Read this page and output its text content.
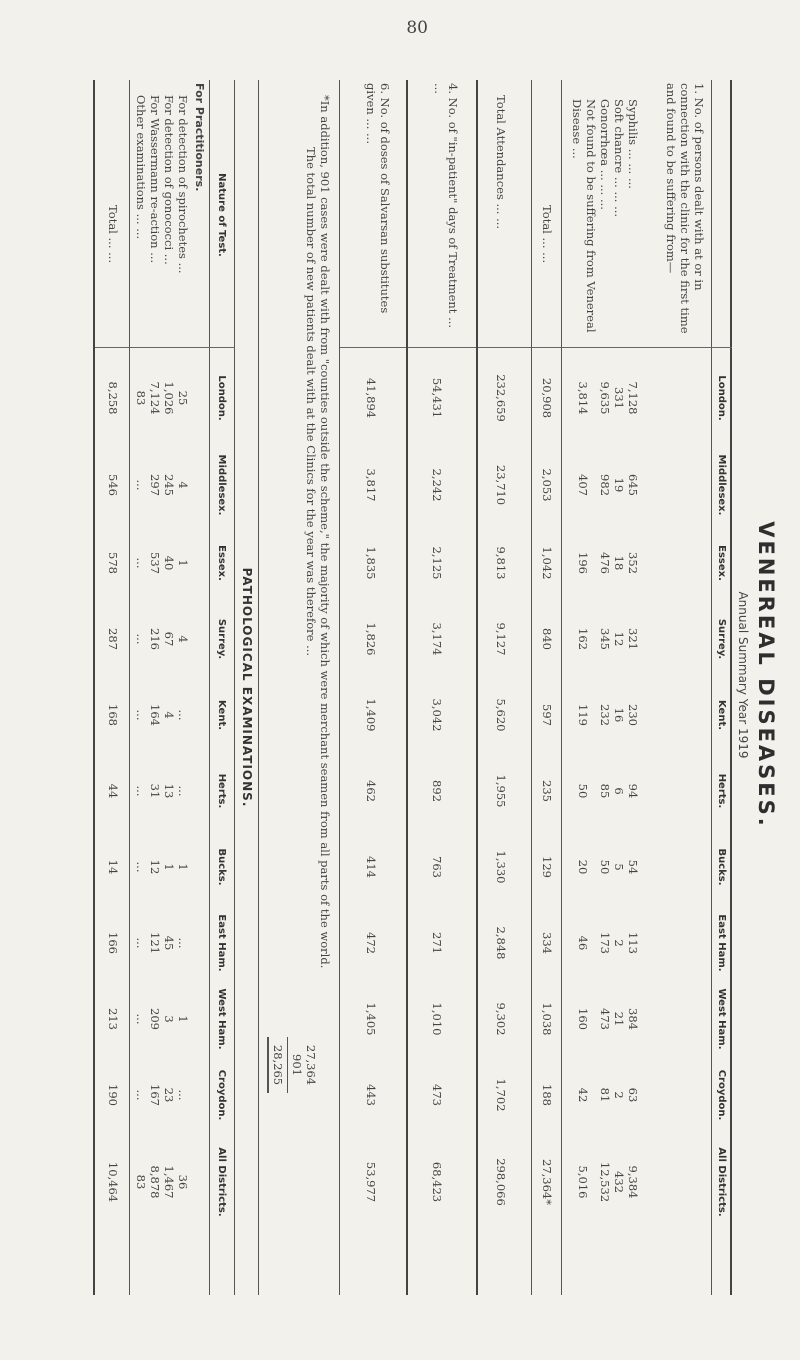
80
VENEREAL DISEASES.
Annual Summary Year 1919
London.
Middlesex.
Essex.
Surrey.
Kent.
Herts.
Bucks.
East Ham.
West Ham.
Croydon.
All Districts.
1. No. of persons dealt with at or in connection with the clinic for the first time and found to be suffering from—
Syphilis ... ... ...
7,128
645
352
321
230
94
54
113
384
63
9,384
Soft chancre ... ... ...
331
19
18
12
16
6
5
2
21
2
432
Gonorrhœa ... ... ...
9,635
982
476
345
232
85
50
173
473
81
12,532
Not found to be suffering from Venereal Disease ...
3,814
407
196
162
119
50
20
46
160
42
5,016
Total ... ...
20,908
2,053
1,042
840
597
235
129
334
1,038
188
27,364*
Total Attendances ... ...
232,659
23,710
9,813
9,127
5,620
1,955
1,330
2,848
9,302
1,702
298,066
4. No. of "in-patient" days of Treatment ... ...
54,431
2,242
2,125
3,174
3,042
892
763
271
1,010
473
68,423
6. No. of doses of Salvarsan substitutes given ... ...
41,894
3,817
1,835
1,826
1,409
462
414
472
1,405
443
53,977
*In addition, 901 cases were dealt with from "counties outside the scheme," the majority of which were merchant seamen from all parts of the world.
The total number of new patients dealt with at the Clinics for the year was therefore ...
27,364
901
28,265
PATHOLOGICAL EXAMINATIONS.
Nature of Test.
London.
Middlesex.
Essex.
Surrey.
Kent.
Herts.
Bucks.
East Ham.
West Ham.
Croydon.
All Districts.
For Practitioners.
For detection of spirochetes ...
25
4
1
4
...
...
1
...
1
...
36
For detection of gonococci ...
1,026
245
40
67
4
13
1
45
3
23
1,467
For Wassermann re-action ...
7,124
297
537
216
164
31
12
121
209
167
8,878
Other examinations ... ...
83
...
...
...
...
...
...
...
...
...
83
Total ... ...
8,258
546
578
287
168
44
14
166
213
190
10,464
